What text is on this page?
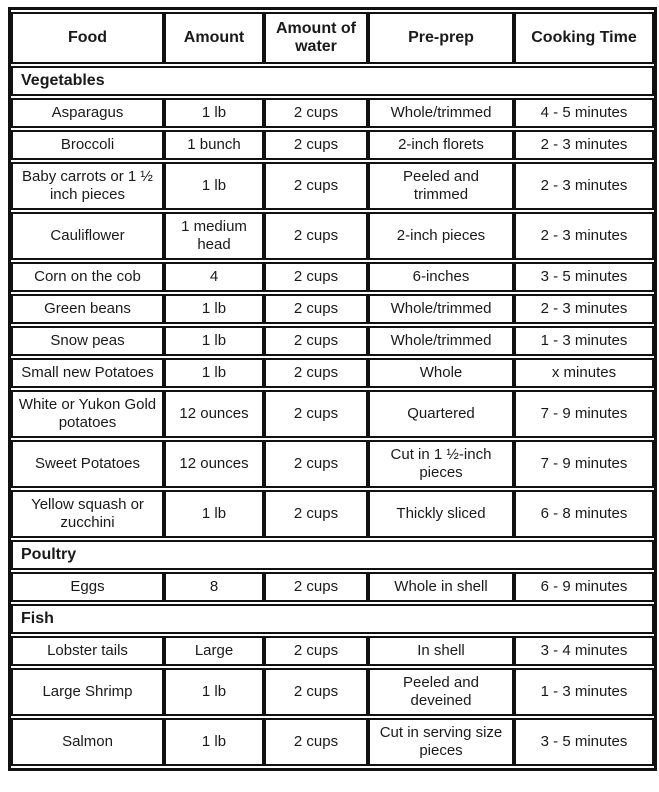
Food	Amount	Amount of water	Pre-prep	Cooking Time
Vegetables				
Asparagus	1 lb	2 cups	Whole/trimmed	4 - 5 minutes
Broccoli	1 bunch	2 cups	2-inch florets	2 - 3 minutes
Baby carrots or 1 ½ inch pieces	1 lb	2 cups	Peeled and trimmed	2 - 3 minutes
Cauliflower	1 medium head	2 cups	2-inch pieces	2 - 3 minutes
Corn on the cob	4	2 cups	6-inches	3 - 5 minutes
Green beans	1 lb	2 cups	Whole/trimmed	2 - 3 minutes
Snow peas	1 lb	2 cups	Whole/trimmed	1 - 3 minutes
Small new Potatoes	1 lb	2 cups	Whole	x minutes
White or Yukon Gold potatoes	12 ounces	2 cups	Quartered	7 - 9 minutes
Sweet Potatoes	12 ounces	2 cups	Cut in 1 ½-inch pieces	7 - 9 minutes
Yellow squash or zucchini	1 lb	2 cups	Thickly sliced	6 - 8 minutes
Poultry				
Eggs	8	2 cups	Whole in shell	6 - 9 minutes
Fish				
Lobster tails	Large	2 cups	In shell	3 - 4 minutes
Large Shrimp	1 lb	2 cups	Peeled and deveined	1 - 3 minutes
Salmon	1 lb	2 cups	Cut in serving size pieces	3 - 5 minutes
